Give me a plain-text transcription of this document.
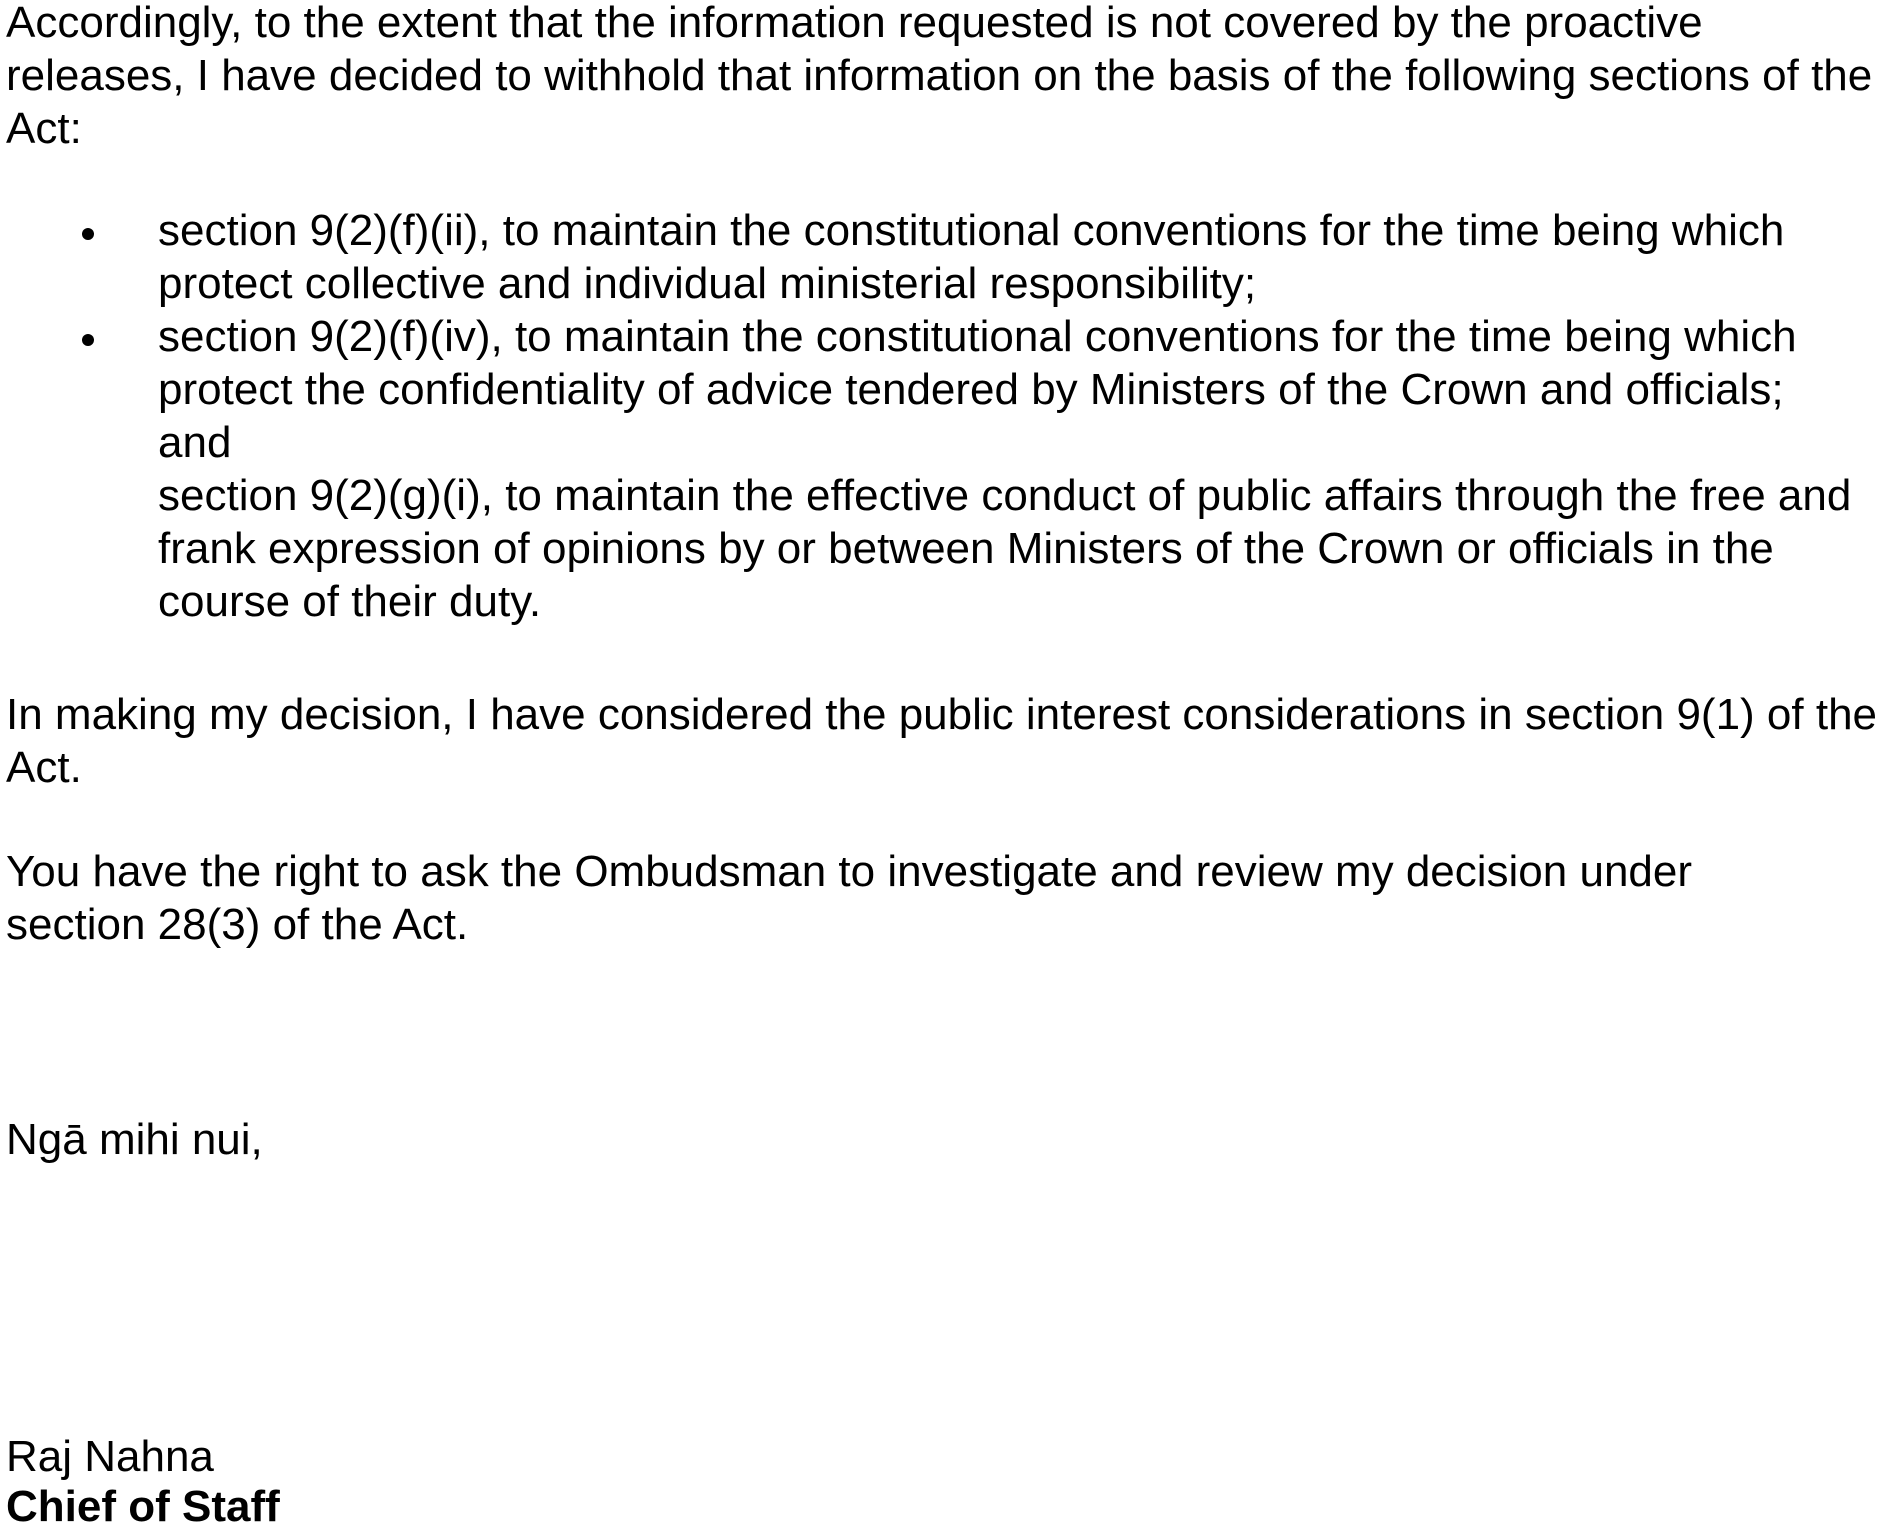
Accordingly, to the extent that the information requested is not covered by the proactive releases, I have decided to withhold that information on the basis of the following sections of the Act:

section 9(2)(f)(ii), to maintain the constitutional conventions for the time being which protect collective and individual ministerial responsibility;
section 9(2)(f)(iv), to maintain the constitutional conventions for the time being which protect the confidentiality of advice tendered by Ministers of the Crown and officials; and
section 9(2)(g)(i), to maintain the effective conduct of public affairs through the free and frank expression of opinions by or between Ministers of the Crown or officials in the course of their duty.

In making my decision, I have considered the public interest considerations in section 9(1) of the Act.

You have the right to ask the Ombudsman to investigate and review my decision under section 28(3) of the Act.

Ngā mihi nui,

Raj Nahna

Chief of Staff
